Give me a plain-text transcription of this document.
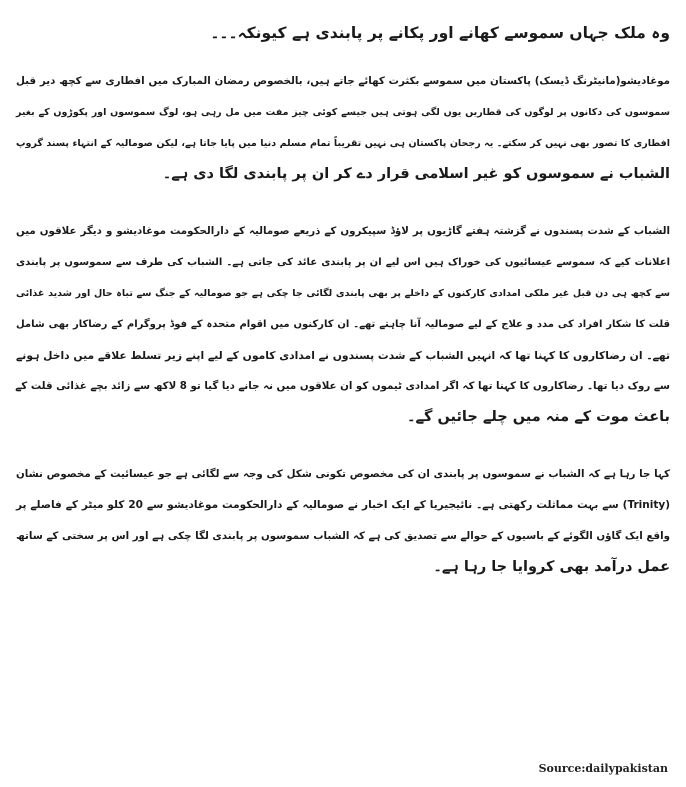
وہ ملک جہاں سموسے کھانے اور پکانے پر پابندی ہے کیونکہ۔۔۔
موغادیشو(مانیٹرنگ ڈیسک) پاکستان میں سموسے بکثرت کھائے جاتے ہیں، بالخصوص رمضان المبارک میں افطاری سے کچھ دیر قبل
سموسوں کی دکانوں پر لوگوں کی قطاریں یوں لگی ہوتی ہیں جیسے کوئی چیز مفت میں مل رہی ہو، لوگ سموسوں اور پکوڑوں کے بغیر
افطاری کا تصور بھی نہیں کر سکتے۔ یہ رجحان پاکستان ہی نہیں تقریباً تمام مسلم دنیا میں پایا جاتا ہے، لیکن صومالیہ کے انتہاء پسند گروپ
الشباب نے سموسوں کو غیر اسلامی قرار دے کر ان پر پابندی لگا دی ہے۔
الشباب کے شدت پسندوں نے گزشتہ ہفتے گاڑیوں پر لاؤڈ سپیکروں کے ذریعے صومالیہ کے دارالحکومت موغادیشو و دیگر علاقوں میں
اعلانات کیے کہ سموسے عیسائیوں کی خوراک ہیں اس لیے ان پر پابندی عائد کی جاتی ہے۔ الشباب کی طرف سے سموسوں پر پابندی
سے کچھ ہی دن قبل غیر ملکی امدادی کارکنوں کے داخلے پر بھی پابندی لگائی جا چکی ہے جو صومالیہ کے جنگ سے تباہ حال اور شدید غذائی
قلت کا شکار افراد کی مدد و علاج کے لیے صومالیہ آنا چاہتے تھے۔ ان کارکنوں میں اقوام متحدہ کے فوڈ پروگرام کے رضاکار بھی شامل
تھے۔ ان رضاکاروں کا کہنا تھا کہ انہیں الشباب کے شدت پسندوں نے امدادی کاموں کے لیے اپنے زیر تسلط علاقے میں داخل ہونے
سے روک دیا تھا۔ رضاکاروں کا کہنا تھا کہ اگر امدادی ٹیموں کو ان علاقوں میں نہ جانے دیا گیا تو 8 لاکھ سے زائد بچے غذائی قلت کے
باعث موت کے منہ میں چلے جائیں گے۔
کہا جا رہا ہے کہ الشباب نے سموسوں پر پابندی ان کی مخصوص تکونی شکل کی وجہ سے لگائی ہے جو عیسائیت کے مخصوص نشان
(Trinity) سے بہت مماثلت رکھتی ہے۔ نائیجیریا کے ایک اخبار نے صومالیہ کے دارالحکومت موغادیشو سے 20 کلو میٹر کے فاصلے پر
واقع ایک گاؤں الگوئے کے باسیوں کے حوالے سے تصدیق کی ہے کہ الشباب سموسوں پر پابندی لگا چکی ہے اور اس پر سختی کے ساتھ
عمل درآمد بھی کروایا جا رہا ہے۔
Source:dailypakistan
